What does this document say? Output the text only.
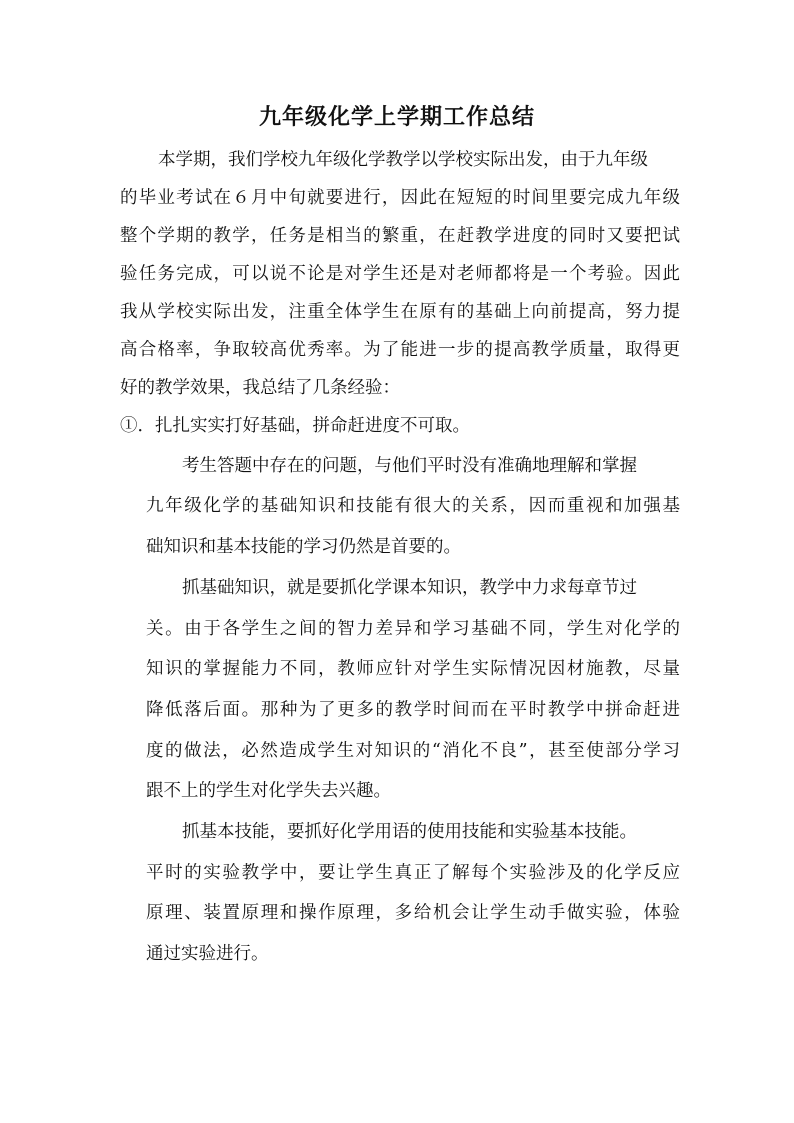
九年级化学上学期工作总结

本学期，我们学校九年级化学教学以学校实际出发，由于九年级

的毕业考试在６月中旬就要进行，因此在短短的时间里要完成九年级

整个学期的教学，任务是相当的繁重，在赶教学进度的同时又要把试

验任务完成，可以说不论是对学生还是对老师都将是一个考验。因此

我从学校实际出发，注重全体学生在原有的基础上向前提高，努力提

高合格率，争取较高优秀率。为了能进一步的提高教学质量，取得更

好的教学效果，我总结了几条经验：

①．扎扎实实打好基础，拼命赶进度不可取。

考生答题中存在的问题，与他们平时没有准确地理解和掌握

九年级化学的基础知识和技能有很大的关系，因而重视和加强基

础知识和基本技能的学习仍然是首要的。

抓基础知识，就是要抓化学课本知识，教学中力求每章节过

关。由于各学生之间的智力差异和学习基础不同，学生对化学的

知识的掌握能力不同，教师应针对学生实际情况因材施教，尽量

降低落后面。那种为了更多的教学时间而在平时教学中拼命赶进

度的做法，必然造成学生对知识的“消化不良”，甚至使部分学习

跟不上的学生对化学失去兴趣。

抓基本技能，要抓好化学用语的使用技能和实验基本技能。

平时的实验教学中，要让学生真正了解每个实验涉及的化学反应

原理、装置原理和操作原理，多给机会让学生动手做实验，体验

通过实验进行。
